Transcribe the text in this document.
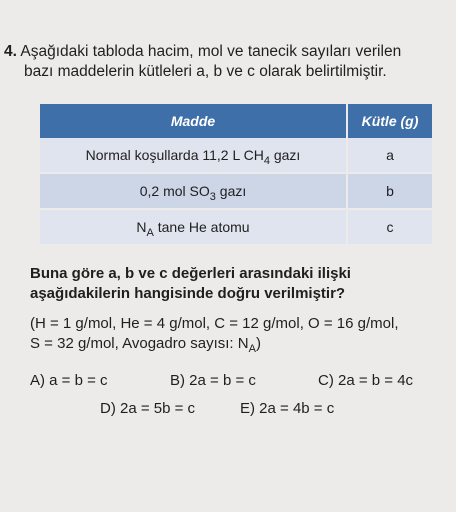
4. Aşağıdaki tabloda hacim, mol ve tanecik sayıları verilen
bazı maddelerin kütleleri a, b ve c olarak belirtilmiştir.
Madde	Kütle (g)
Normal koşullarda 11,2 L $CH_4$ gazı	a
0,2 mol $SO_3$ gazı	b
$N_A$ tane He atomu	c
Buna göre a, b ve c değerleri arasındaki ilişki
aşağıdakilerin hangisinde doğru verilmiştir?
(H = 1 g/mol, He = 4 g/mol, C = 12 g/mol, O = 16 g/mol,
S = 32 g/mol, Avogadro sayısı: $N_A$)
A) a = b = c	B) 2a = b = c	C) 2a = b = 4c
D) 2a = 5b = c	E) 2a = 4b = c
